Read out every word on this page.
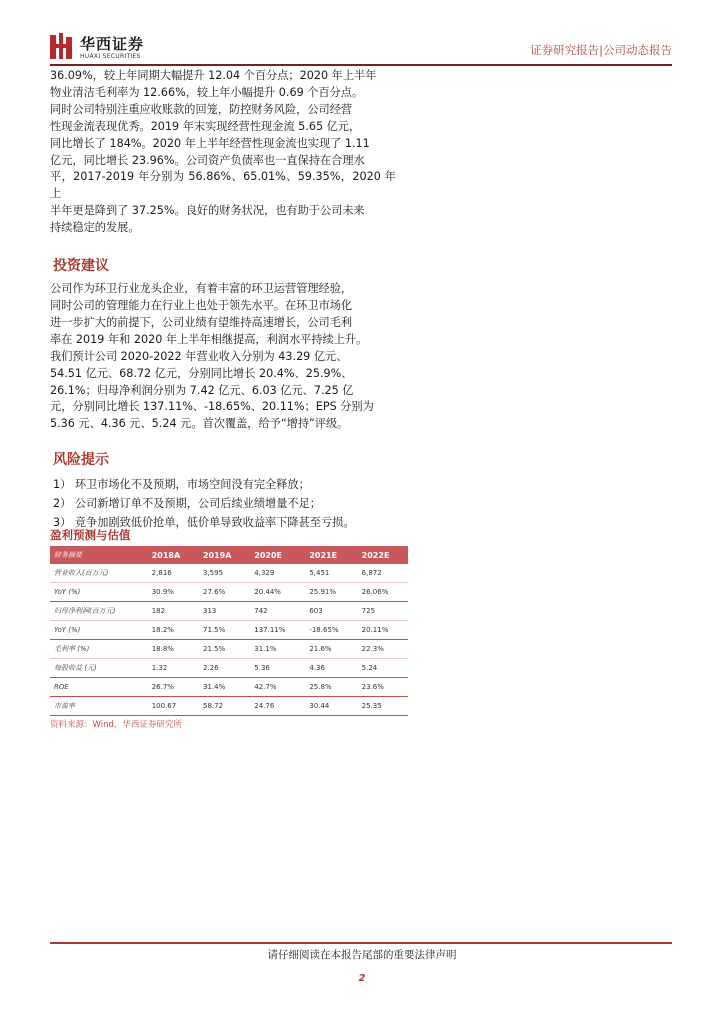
华西证券
HUAXI SECURITIES	证券研究报告|公司动态报告

36.09%，较上年同期大幅提升 12.04 个百分点；2020 年上半年

物业清洁毛利率为 12.66%，较上年小幅提升 0.69 个百分点。

同时公司特别注重应收账款的回笼，防控财务风险，公司经营

性现金流表现优秀。2019 年末实现经营性现金流 5.65 亿元，

同比增长了 184%。2020 年上半年经营性现金流也实现了 1.11

亿元，同比增长 23.96%。公司资产负债率也一直保持在合理水

平，2017-2019 年分别为 56.86%、65.01%、59.35%，2020 年上

半年更是降到了 37.25%。良好的财务状况，也有助于公司未来

持续稳定的发展。

投资建议

公司作为环卫行业龙头企业，有着丰富的环卫运营管理经验，

同时公司的管理能力在行业上也处于领先水平。在环卫市场化

进一步扩大的前提下，公司业绩有望维持高速增长，公司毛利

率在 2019 年和 2020 年上半年相继提高，利润水平持续上升。

我们预计公司 2020-2022 年营业收入分别为 43.29 亿元、

54.51 亿元、68.72 亿元，分别同比增长 20.4%、25.9%、

26.1%；归母净利润分别为 7.42 亿元、6.03 亿元、7.25 亿

元，分别同比增长 137.11%、-18.65%、20.11%；EPS 分别为

5.36 元、4.36 元、5.24 元。首次覆盖，给予“增持”评级。

风险提示
1） 环卫市场化不及预期，市场空间没有完全释放；
2） 公司新增订单不及预期，公司后续业绩增量不足；
3） 竞争加剧致低价抢单，低价单导致收益率下降甚至亏损。
盈利预测与估值
财务摘要	2018A	2019A	2020E	2021E	2022E
营业收入(百万元)	2,816	3,595	4,329	5,451	6,872
YoY (%)	30.9%	27.6%	20.44%	25.91%	26.06%
归母净利润(百万元)	182	313	742	603	725
YoY (%)	18.2%	71.5%	137.11%	-18.65%	20.11%
毛利率 (%)	18.8%	21.5%	31.1%	21.6%	22.3%
每股收益 (元)	1.32	2.26	5.36	4.36	5.24
ROE	26.7%	31.4%	42.7%	25.8%	23.6%
市盈率	100.67	58.72	24.76	30.44	25.35
资料来源：Wind，华西证券研究所
请仔细阅读在本报告尾部的重要法律声明
2
